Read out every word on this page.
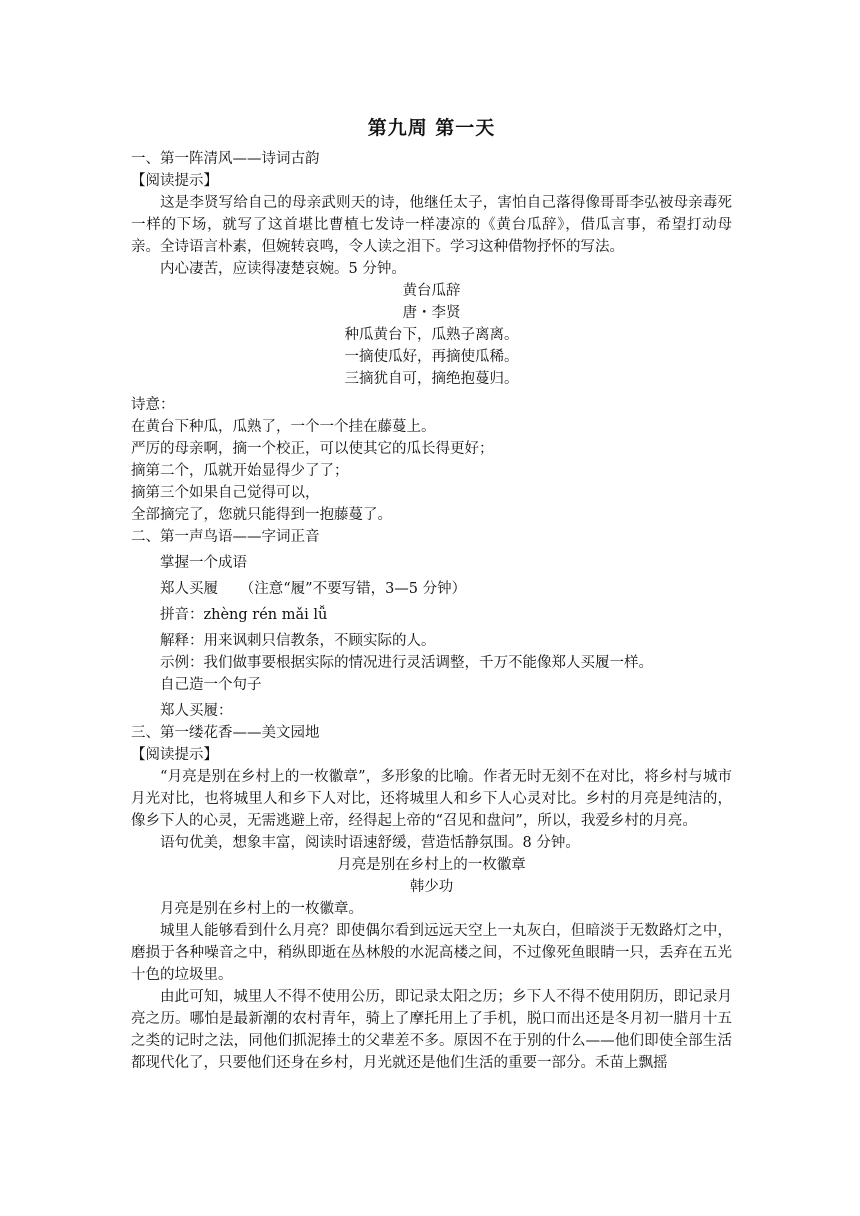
第九周 第一天

一、第一阵清风——诗词古韵

【阅读提示】

这是李贤写给自己的母亲武则天的诗，他继任太子，害怕自己落得像哥哥李弘被母亲毒死一样的下场，就写了这首堪比曹植七发诗一样凄凉的《黄台瓜辞》，借瓜言事，希望打动母亲。全诗语言朴素，但婉转哀鸣，令人读之泪下。学习这种借物抒怀的写法。

内心凄苦，应读得凄楚哀婉。5 分钟。

黄台瓜辞

唐・李贤

种瓜黄台下，瓜熟子离离。

一摘使瓜好，再摘使瓜稀。

三摘犹自可，摘绝抱蔓归。

诗意：

在黄台下种瓜，瓜熟了，一个一个挂在藤蔓上。

严厉的母亲啊，摘一个校正，可以使其它的瓜长得更好；

摘第二个，瓜就开始显得少了了；

摘第三个如果自己觉得可以，

全部摘完了，您就只能得到一抱藤蔓了。

二、第一声鸟语——字词正音

掌握一个成语

郑人买履　　（注意“履”不要写错，3—5 分钟）

拼音：zhèng rén mǎi lǚ

解释：用来讽刺只信教条，不顾实际的人。

示例：我们做事要根据实际的情况进行灵活调整，千万不能像郑人买履一样。

自己造一个句子

郑人买履：

三、第一缕花香——美文园地

【阅读提示】

“月亮是别在乡村上的一枚徽章”，多形象的比喻。作者无时无刻不在对比，将乡村与城市月光对比，也将城里人和乡下人对比，还将城里人和乡下人心灵对比。乡村的月亮是纯洁的，像乡下人的心灵，无需逃避上帝，经得起上帝的“召见和盘问”，所以，我爱乡村的月亮。

语句优美，想象丰富，阅读时语速舒缓，营造恬静氛围。8 分钟。

月亮是别在乡村上的一枚徽章

韩少功

月亮是别在乡村上的一枚徽章。

城里人能够看到什么月亮？即使偶尔看到远远天空上一丸灰白，但暗淡于无数路灯之中，磨损于各种噪音之中，稍纵即逝在丛林般的水泥高楼之间，不过像死鱼眼睛一只，丢弃在五光十色的垃圾里。

由此可知，城里人不得不使用公历，即记录太阳之历；乡下人不得不使用阴历，即记录月亮之历。哪怕是最新潮的农村青年，骑上了摩托用上了手机，脱口而出还是冬月初一腊月十五之类的记时之法，同他们抓泥捧土的父辈差不多。原因不在于别的什么——他们即使全部生活都现代化了，只要他们还身在乡村，月光就还是他们生活的重要一部分。禾苗上飘摇
